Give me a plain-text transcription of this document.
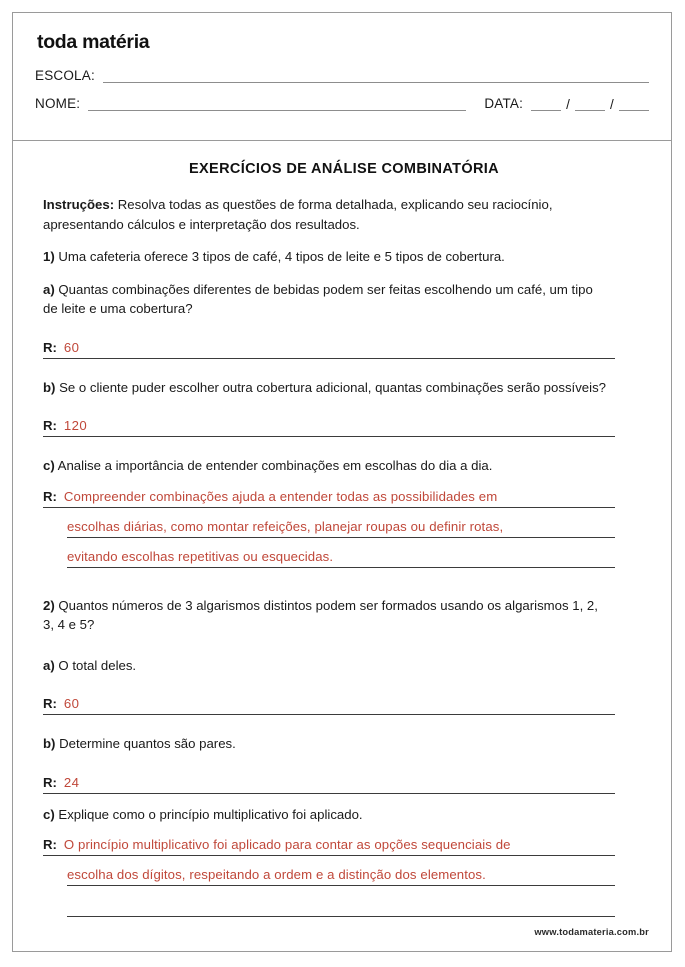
toda matéria
ESCOLA:
NOME:	DATA:	/	/
EXERCÍCIOS DE ANÁLISE COMBINATÓRIA

Instruções: Resolva todas as questões de forma detalhada, explicando seu raciocínio, apresentando cálculos e interpretação dos resultados.

1) Uma cafeteria oferece 3 tipos de café, 4 tipos de leite e 5 tipos de cobertura.

a) Quantas combinações diferentes de bebidas podem ser feitas escolhendo um café, um tipo de leite e uma cobertura?

R: 60

b) Se o cliente puder escolher outra cobertura adicional, quantas combinações serão possíveis?

R: 120

c) Analise a importância de entender combinações em escolhas do dia a dia.

R: Compreender combinações ajuda a entender todas as possibilidades em
escolhas diárias, como montar refeições, planejar roupas ou definir rotas,
evitando escolhas repetitivas ou esquecidas.

2) Quantos números de 3 algarismos distintos podem ser formados usando os algarismos 1, 2, 3, 4 e 5?

a) O total deles.

R: 60

b) Determine quantos são pares.

R: 24

c) Explique como o princípio multiplicativo foi aplicado.

R: O princípio multiplicativo foi aplicado para contar as opções sequenciais de
escolha dos dígitos, respeitando a ordem e a distinção dos elementos.
www.todamateria.com.br
